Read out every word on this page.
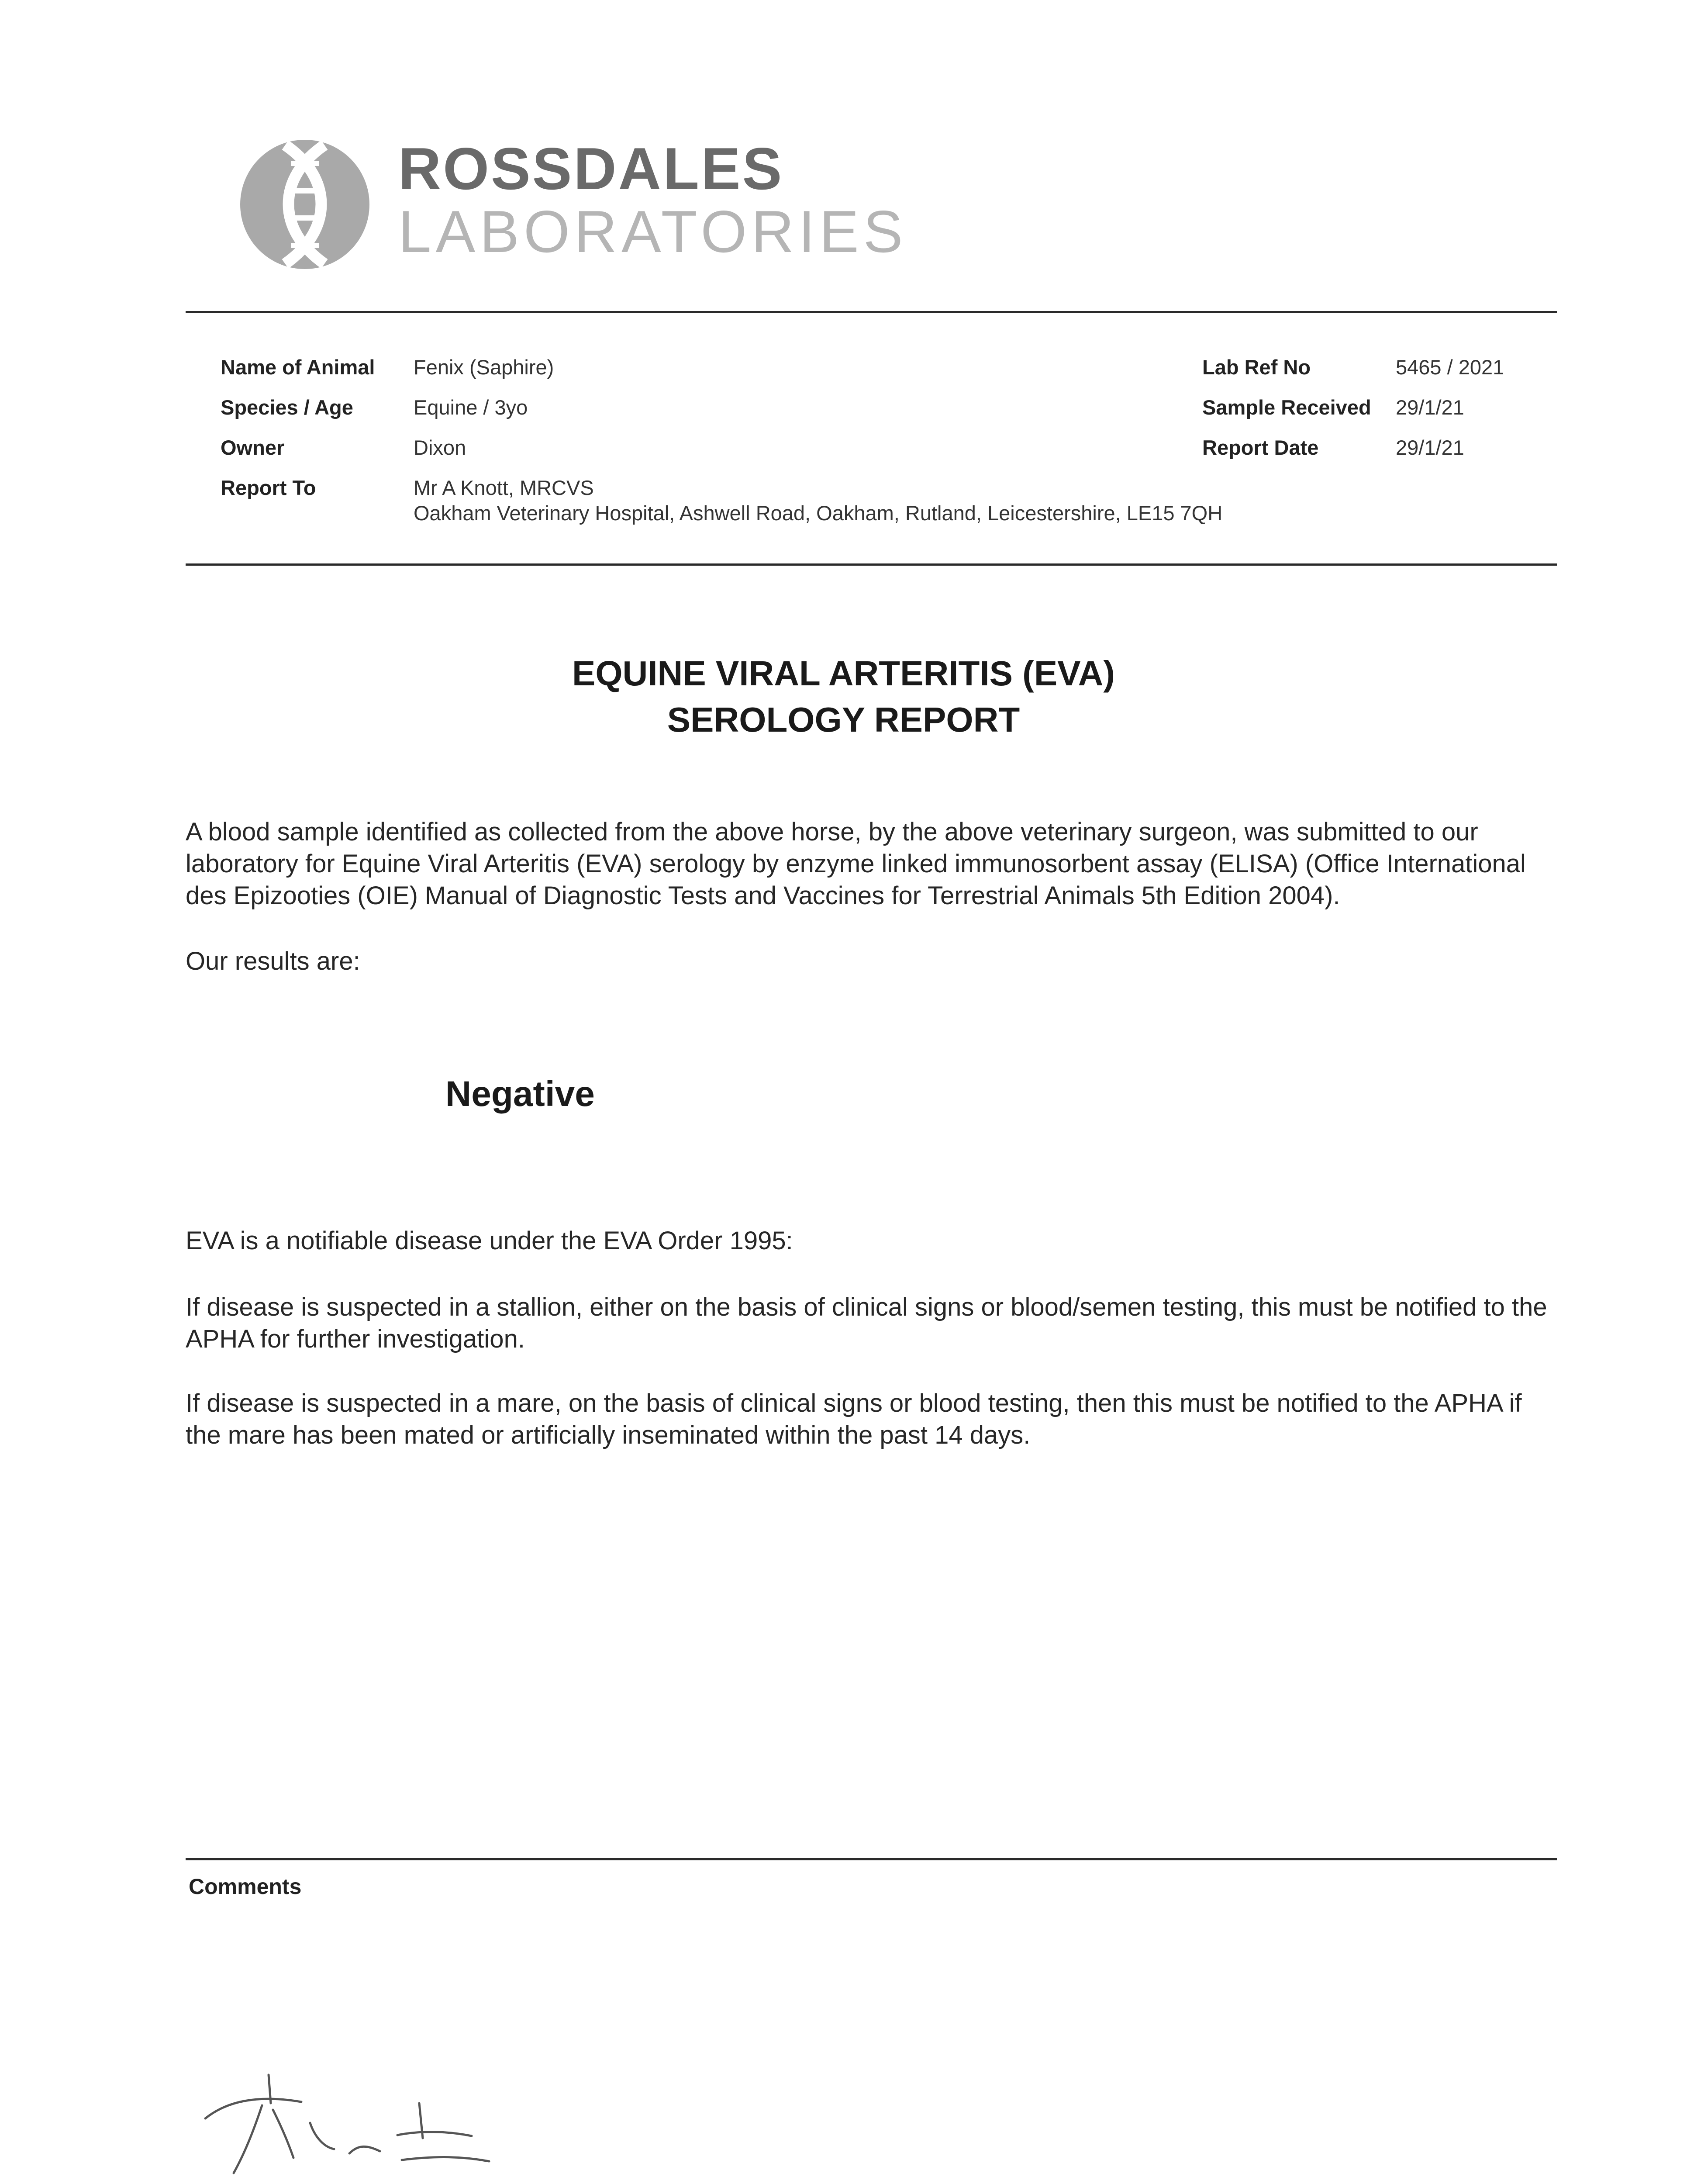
ROSSDALES
LABORATORIES
Name of Animal Fenix (Saphire)
Species / Age	Equine / 3yo
Owner	Dixon
Report To	Mr A Knott, MRCVS
Oakham Veterinary Hospital, Ashwell Road, Oakham, Rutland, Leicestershire, LE15 7QH
Lab Ref No	5465 / 2021
Sample Received 29/1/21
Report Date	29/1/21
EQUINE VIRAL ARTERITIS (EVA)
SEROLOGY REPORT

A blood sample identified as collected from the above horse, by the above veterinary surgeon, was submitted to our laboratory for Equine Viral Arteritis (EVA) serology by enzyme linked immunosorbent assay (ELISA) (Office International des Epizooties (OIE) Manual of Diagnostic Tests and Vaccines for Terrestrial Animals 5th Edition 2004).

Our results are:
Negative
EVA is a notifiable disease under the EVA Order 1995:
If disease is suspected in a stallion, either on the basis of clinical signs or blood/semen testing, this must be notified to the APHA for further investigation.
If disease is suspected in a mare, on the basis of clinical signs or blood testing, then this must be notified to the APHA if the mare has been mated or artificially inseminated within the past 14 days.
Comments
